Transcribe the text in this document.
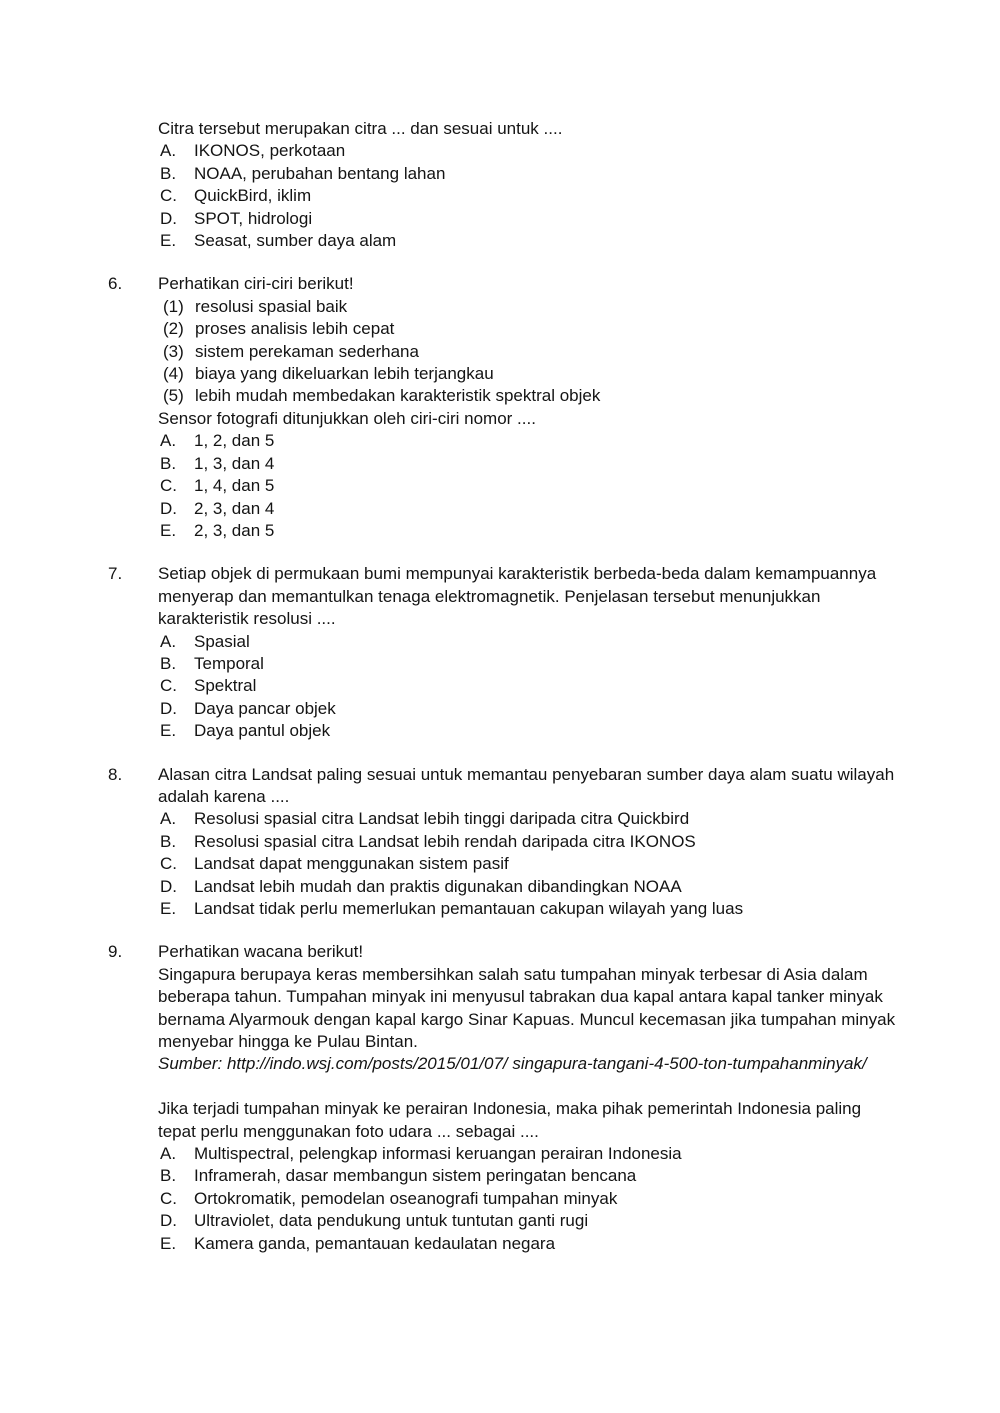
Citra tersebut merupakan citra ... dan sesuai untuk ....

A.	IKONOS, perkotaan
B.	NOAA, perubahan bentang lahan
C. QuickBird, iklim
D. SPOT, hidrologi
E.	Seasat, sumber daya alam
6.	Perhatikan ciri-ciri berikut!

(1) resolusi spasial baik
(2) proses analisis lebih cepat
(3) sistem perekaman sederhana
(4) biaya yang dikeluarkan lebih terjangkau
(5) lebih mudah membedakan karakteristik spektral objek

Sensor fotografi ditunjukkan oleh ciri-ciri nomor ....

A.	1, 2, dan 5
B.	1, 3, dan 4
C. 1, 4, dan 5
D. 2, 3, dan 4
E.	2, 3, dan 5
7.	Setiap objek di permukaan bumi mempunyai karakteristik berbeda-beda dalam kemampuannya menyerap dan memantulkan tenaga elektromagnetik. Penjelasan tersebut menunjukkan karakteristik resolusi ....

A.	Spasial
B.	Temporal
C. Spektral
D. Daya pancar objek
E.	Daya pantul objek
8.	Alasan citra Landsat paling sesuai untuk memantau penyebaran sumber daya alam suatu wilayah adalah karena ....

A.	Resolusi spasial citra Landsat lebih tinggi daripada citra Quickbird
B.	Resolusi spasial citra Landsat lebih rendah daripada citra IKONOS
C. Landsat dapat menggunakan sistem pasif
D. Landsat lebih mudah dan praktis digunakan dibandingkan NOAA
E.	Landsat tidak perlu memerlukan pemantauan cakupan wilayah yang luas
9.	Perhatikan wacana berikut!

Singapura berupaya keras membersihkan salah satu tumpahan minyak terbesar di Asia dalam beberapa tahun. Tumpahan minyak ini menyusul tabrakan dua kapal antara kapal tanker minyak bernama Alyarmouk dengan kapal kargo Sinar Kapuas. Muncul kecemasan jika tumpahan minyak menyebar hingga ke Pulau Bintan.

Sumber: http://indo.wsj.com/posts/2015/01/07/ singapura-tangani-4-500-ton-tumpahanminyak/

Jika terjadi tumpahan minyak ke perairan Indonesia, maka pihak pemerintah Indonesia paling tepat perlu menggunakan foto udara ... sebagai ....

A.	Multispectral, pelengkap informasi keruangan perairan Indonesia
B.	Inframerah, dasar membangun sistem peringatan bencana
C. Ortokromatik, pemodelan oseanografi tumpahan minyak
D. Ultraviolet, data pendukung untuk tuntutan ganti rugi
E.	Kamera ganda, pemantauan kedaulatan negara
